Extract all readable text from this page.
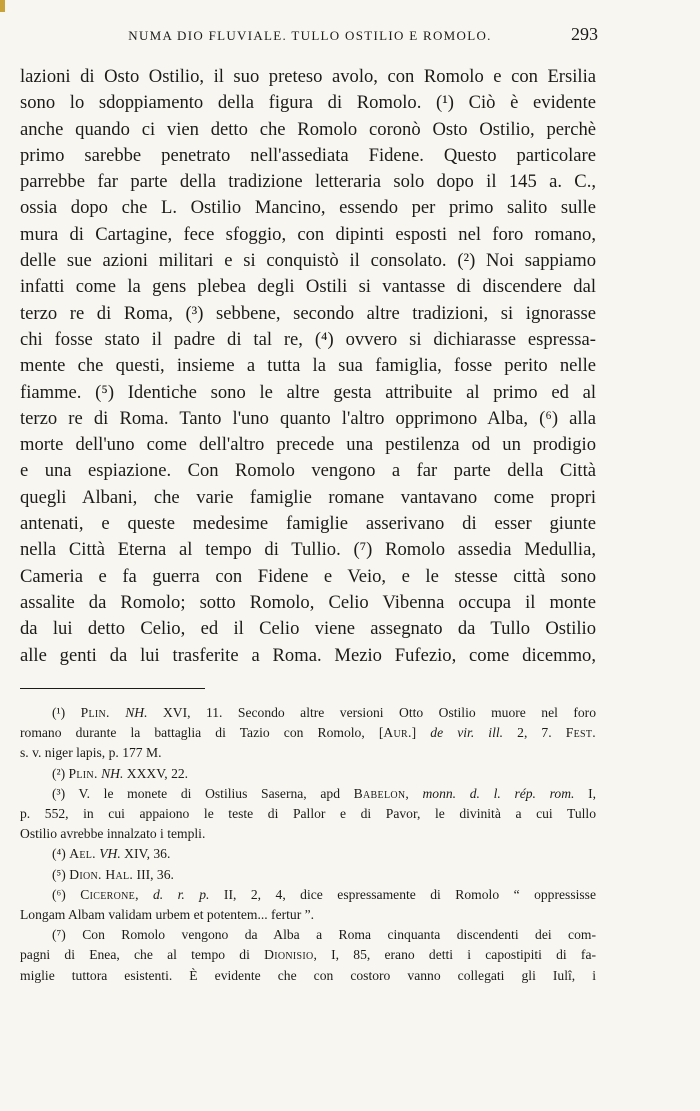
NUMA DIO FLUVIALE. TULLO OSTILIO E ROMOLO.	293
lazioni di Osto Ostilio, il suo preteso avolo, con Romolo e con Ersilia
sono lo sdoppiamento della figura di Romolo. (¹) Ciò è evidente
anche quando ci vien detto che Romolo coronò Osto Ostilio, perchè
primo sarebbe penetrato nell'assediata Fidene. Questo particolare
parrebbe far parte della tradizione letteraria solo dopo il 145 a. C.,
ossia dopo che L. Ostilio Mancino, essendo per primo salito sulle
mura di Cartagine, fece sfoggio, con dipinti esposti nel foro romano,
delle sue azioni militari e si conquistò il consolato. (²) Noi sappiamo
infatti come la gens plebea degli Ostili si vantasse di discendere dal
terzo re di Roma, (³) sebbene, secondo altre tradizioni, si ignorasse
chi fosse stato il padre di tal re, (⁴) ovvero si dichiarasse espressa-
mente che questi, insieme a tutta la sua famiglia, fosse perito nelle
fiamme. (⁵) Identiche sono le altre gesta attribuite al primo ed al
terzo re di Roma. Tanto l'uno quanto l'altro opprimono Alba, (⁶) alla
morte dell'uno come dell'altro precede una pestilenza od un prodigio
e una espiazione. Con Romolo vengono a far parte della Città
quegli Albani, che varie famiglie romane vantavano come propri
antenati, e queste medesime famiglie asserivano di esser giunte
nella Città Eterna al tempo di Tullio. (⁷) Romolo assedia Medullia,
Cameria e fa guerra con Fidene e Veio, e le stesse città sono
assalite da Romolo; sotto Romolo, Celio Vibenna occupa il monte
da lui detto Celio, ed il Celio viene assegnato da Tullo Ostilio
alle genti da lui trasferite a Roma. Mezio Fufezio, come dicemmo,
(¹) Plin. NH. XVI, 11. Secondo altre versioni Otto Ostilio muore nel foro
romano durante la battaglia di Tazio con Romolo, [Aur.] de vir. ill. 2, 7. Fest.
s. v. niger lapis, p. 177 M.
(²) Plin. NH. XXXV, 22.
(³) V. le monete di Ostilius Saserna, apd Babelon, monn. d. l. rép. rom. I,
p. 552, in cui appaiono le teste di Pallor e di Pavor, le divinità a cui Tullo
Ostilio avrebbe innalzato i templi.
(⁴) Ael. VH. XIV, 36.
(⁵) Dion. Hal. III, 36.
(⁶) Cicerone, d. r. p. II, 2, 4, dice espressamente di Romolo “ oppressisse
Longam Albam validam urbem et potentem... fertur ”.
(⁷) Con Romolo vengono da Alba a Roma cinquanta discendenti dei com-
pagni di Enea, che al tempo di Dionisio, I, 85, erano detti i capostipiti di fa-
miglie tuttora esistenti. È evidente che con costoro vanno collegati gli Iulî, i
